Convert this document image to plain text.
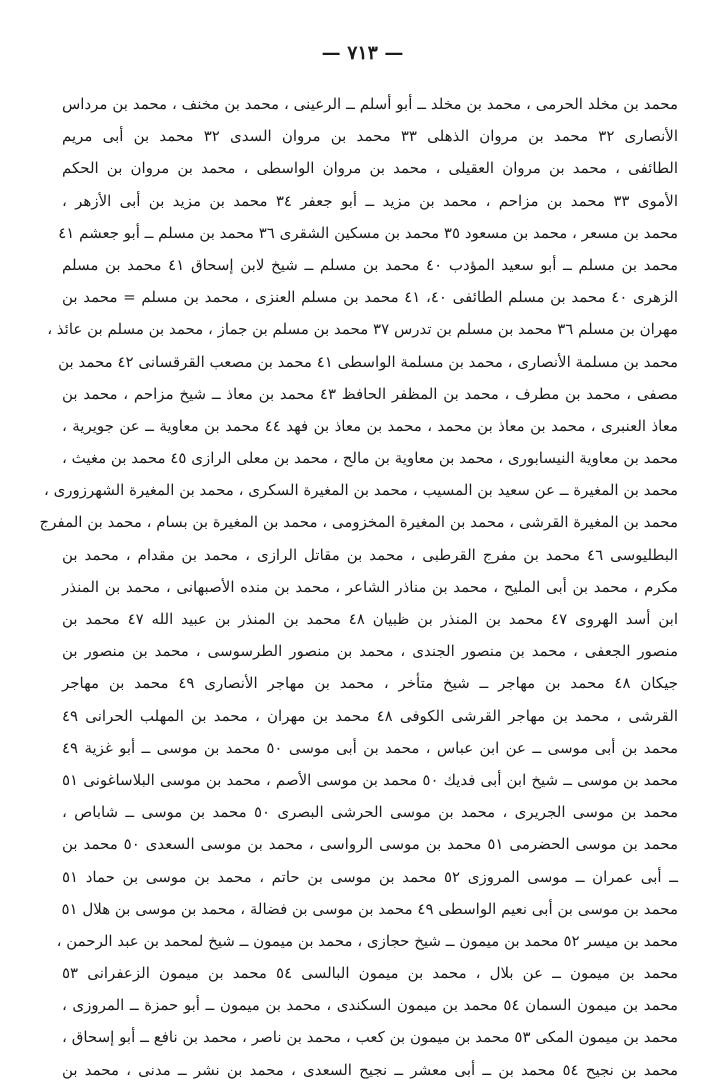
— ٧١٣ —
محمد بن مخلد الحرمى ، محمد بن مخلد ــ أبو أسلم ــ الرعينى ، محمد بن مخنف ، محمد بن مرداس
الأنصارى ٣٢ محمد بن مروان الذهلى ٣٣ محمد بن مروان السدى ٣٢ محمد بن أبى مريم
الطائفى ، محمد بن مروان العقيلى ، محمد بن مروان الواسطى ، محمد بن مروان بن الحكم
الأموى ٣٣ محمد بن مزاحم ، محمد بن مزيد ــ أبو جعفر ٣٤ محمد بن مزيد بن أبى الأزهر ،
محمد بن مسعر ، محمد بن مسعود ٣٥ محمد بن مسكين الشقرى ٣٦ محمد بن مسلم ــ أبو جعشم ٤١
محمد بن مسلم ــ أبو سعيد المؤدب ٤٠ محمد بن مسلم ــ شيخ لابن إسحاق ٤١ محمد بن مسلم
الزهرى ٤٠ محمد بن مسلم الطائفى ٤٠، ٤١ محمد بن مسلم العنزى ، محمد بن مسلم = محمد بن
مهران بن مسلم ٣٦ محمد بن مسلم بن تدرس ٣٧ محمد بن مسلم بن جماز ، محمد بن مسلم بن عائذ ،
محمد بن مسلمة الأنصارى ، محمد بن مسلمة الواسطى ٤١ محمد بن مصعب القرقسانى ٤٢ محمد بن
مصفى ، محمد بن مطرف ، محمد بن المظفر الحافظ ٤٣ محمد بن معاذ ــ شيخ مزاحم ، محمد بن
معاذ العنبرى ، محمد بن معاذ بن محمد ، محمد بن معاذ بن فهد ٤٤ محمد بن معاوية ــ عن جويرية ،
محمد بن معاوية النيسابورى ، محمد بن معاوية بن مالح ، محمد بن معلى الرازى ٤٥ محمد بن مغيث ،
محمد بن المغيرة ــ عن سعيد بن المسيب ، محمد بن المغيرة السكرى ، محمد بن المغيرة الشهرزورى ،
محمد بن المغيرة القرشى ، محمد بن المغيرة المخزومى ، محمد بن المغيرة بن بسام ، محمد بن المفرج
البطليوسى ٤٦ محمد بن مفرج القرطبى ، محمد بن مقاتل الرازى ، محمد بن مقدام ، محمد بن
مكرم ، محمد بن أبى المليح ، محمد بن مناذر الشاعر ، محمد بن منده الأصبهانى ، محمد بن المنذر
ابن أسد الهروى ٤٧ محمد بن المنذر بن ظبيان ٤٨ محمد بن المنذر بن عبيد الله ٤٧ محمد بن
منصور الجعفى ، محمد بن منصور الجندى ، محمد بن منصور الطرسوسى ، محمد بن منصور بن
جيكان ٤٨ محمد بن مهاجر ــ شيخ متأخر ، محمد بن مهاجر الأنصارى ٤٩ محمد بن مهاجر
القرشى ، محمد بن مهاجر القرشى الكوفى ٤٨ محمد بن مهران ، محمد بن المهلب الحرانى ٤٩
محمد بن أبى موسى ــ عن ابن عباس ، محمد بن أبى موسى ٥٠ محمد بن موسى ــ أبو غزية ٤٩
محمد بن موسى ــ شيخ ابن أبى فديك ٥٠ محمد بن موسى الأصم ، محمد بن موسى البلاساغونى ٥١
محمد بن موسى الجريرى ، محمد بن موسى الحرشى البصرى ٥٠ محمد بن موسى ــ شاباص ،
محمد بن موسى الحضرمى ٥١ محمد بن موسى الرواسى ، محمد بن موسى السعدى ٥٠ محمد بن
ــ أبى عمران ــ موسى المروزى ٥٢ محمد بن موسى بن حاتم ، محمد بن موسى بن حماد ٥١
محمد بن موسى بن أبى نعيم الواسطى ٤٩ محمد بن موسى بن فضالة ، محمد بن موسى بن هلال ٥١
محمد بن ميسر ٥٢ محمد بن ميمون ــ شيخ حجازى ، محمد بن ميمون ــ شيخ لمحمد بن عبد الرحمن ،
محمد بن ميمون ــ عن بلال ، محمد بن ميمون البالسى ٥٤ محمد بن ميمون الزعفرانى ٥٣
محمد بن ميمون السمان ٥٤ محمد بن ميمون السكندى ، محمد بن ميمون ــ أبو حمزة ــ المروزى ،
محمد بن ميمون المكى ٥٣ محمد بن ميمون بن كعب ، محمد بن ناصر ، محمد بن نافع ــ أبو إسحاق ،
محمد بن نجيح ٥٤ محمد بن ــ أبى معشر ــ نجيح السعدى ، محمد بن نشر ــ مدنى ، محمد بن
